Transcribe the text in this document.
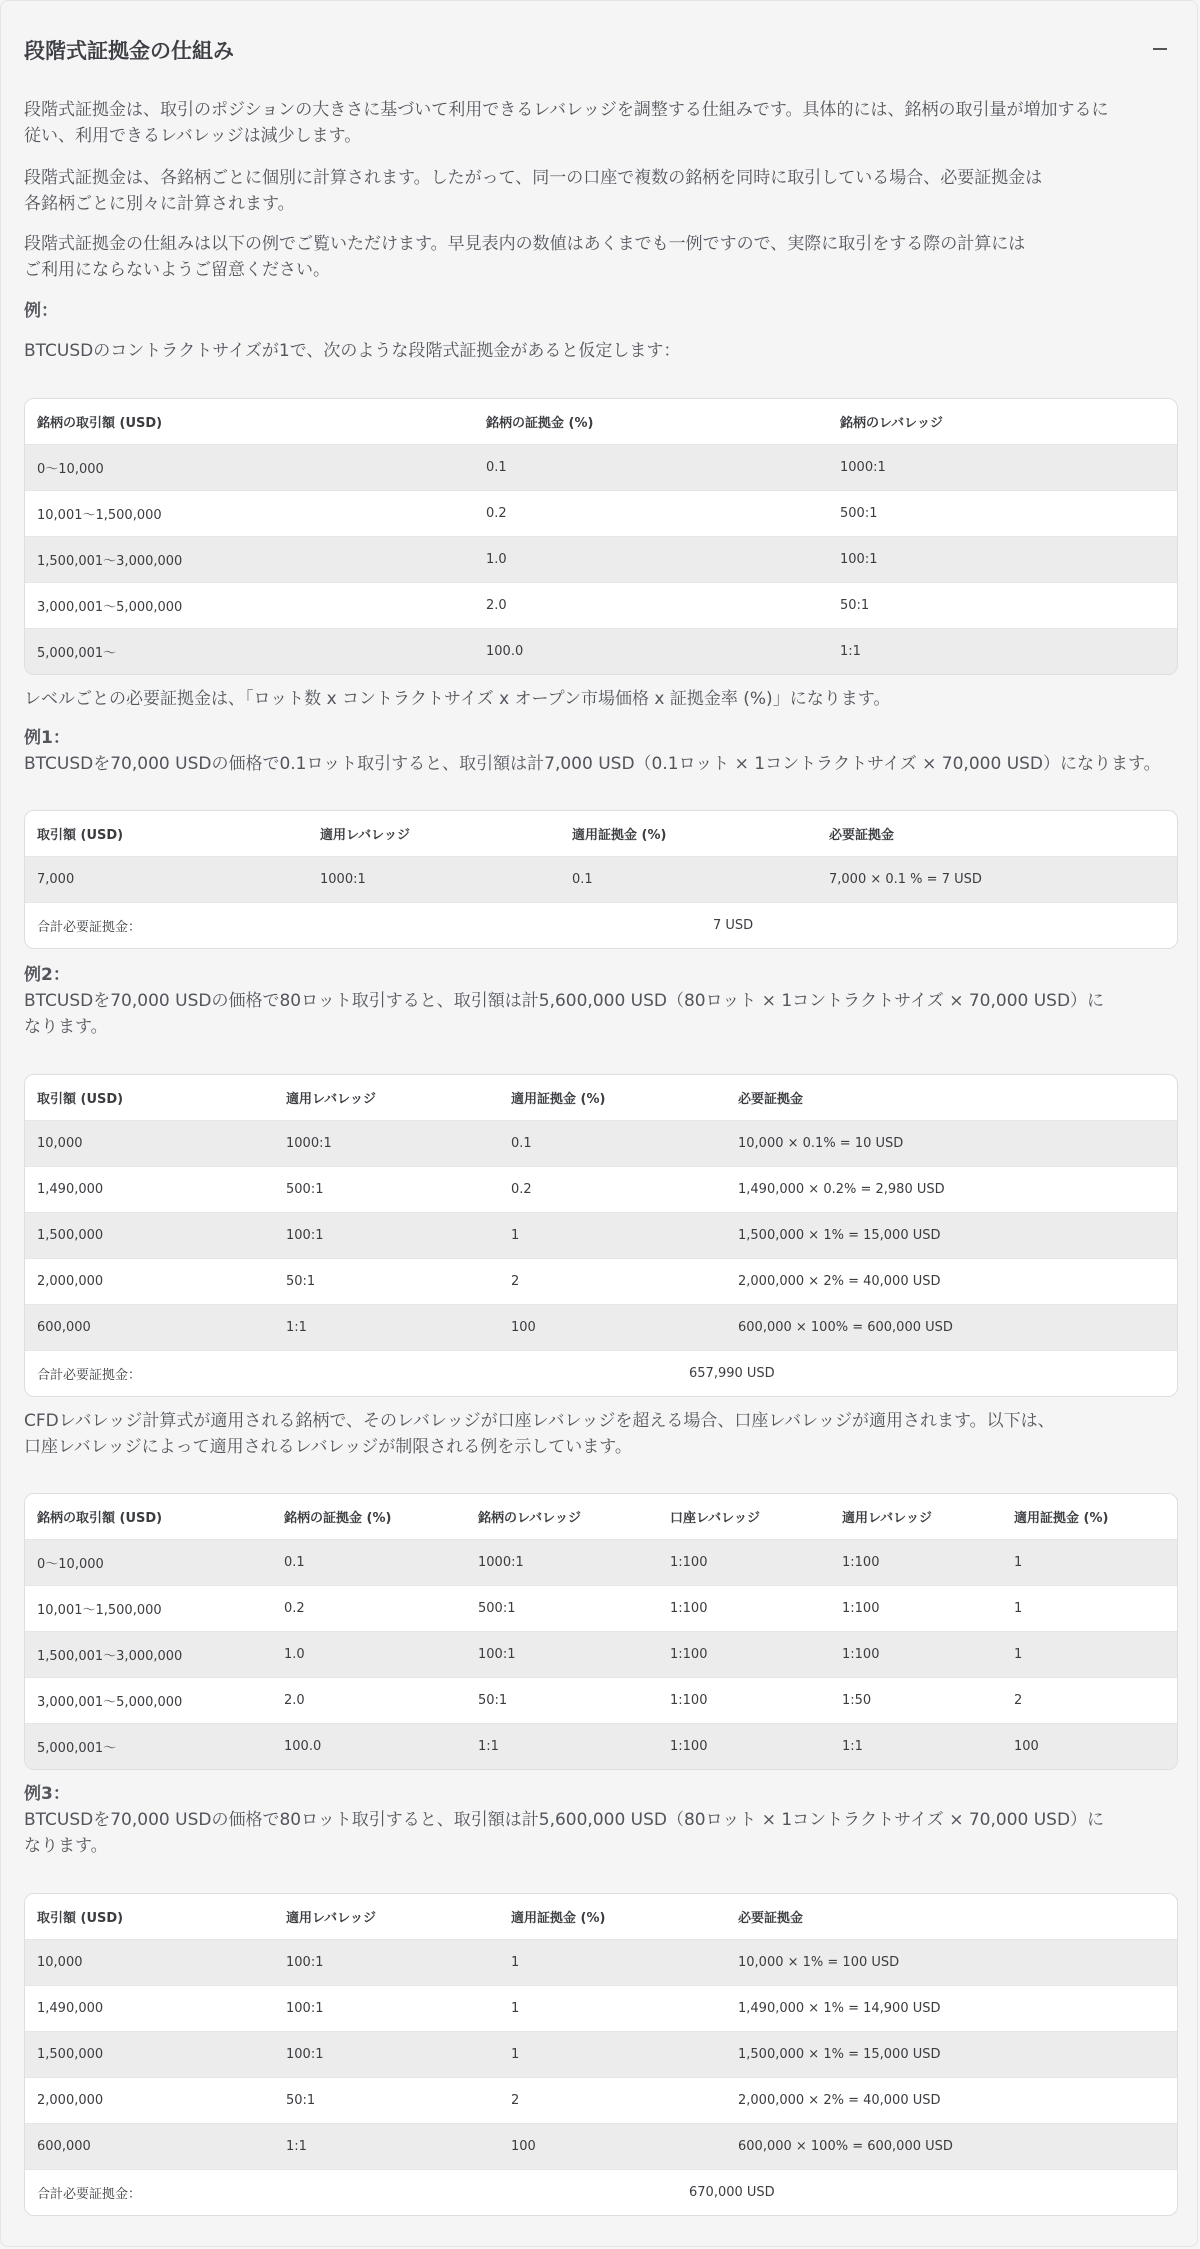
段階式証拠金の仕組み
段階式証拠金は、取引のポジションの大きさに基づいて利用できるレバレッジを調整する仕組みです。具体的には、銘柄の取引量が増加するに
従い、利用できるレバレッジは減少します。
段階式証拠金は、各銘柄ごとに個別に計算されます。したがって、同一の口座で複数の銘柄を同時に取引している場合、必要証拠金は
各銘柄ごとに別々に計算されます。
段階式証拠金の仕組みは以下の例でご覧いただけます。早見表内の数値はあくまでも一例ですので、実際に取引をする際の計算には
ご利用にならないようご留意ください。
例：
BTCUSDのコントラクトサイズが1で、次のような段階式証拠金があると仮定します：
銘柄の取引額 (USD)	銘柄の証拠金 (%)	銘柄のレバレッジ
0〜10,000	0.1	1000:1
10,001〜1,500,000	0.2	500:1
1,500,001〜3,000,000	1.0	100:1
3,000,001〜5,000,000	2.0	50:1
5,000,001〜	100.0	1:1
レベルごとの必要証拠金は、「ロット数 x コントラクトサイズ x オープン市場価格 x 証拠金率 (%)」になります。
例1：
BTCUSDを70,000 USDの価格で0.1ロット取引すると、取引額は計7,000 USD（0.1ロット × 1コントラクトサイズ × 70,000 USD）になります。
取引額 (USD)	適用レバレッジ	適用証拠金 (%)	必要証拠金
7,000	1000:1	0.1	7,000 × 0.1 % = 7 USD
合計必要証拠金：		7 USD	
例2：
BTCUSDを70,000 USDの価格で80ロット取引すると、取引額は計5,600,000 USD（80ロット × 1コントラクトサイズ × 70,000 USD）に
なります。
取引額 (USD)	適用レバレッジ	適用証拠金 (%)	必要証拠金
10,000	1000:1	0.1	10,000 × 0.1% = 10 USD
1,490,000	500:1	0.2	1,490,000 × 0.2% = 2,980 USD
1,500,000	100:1	1	1,500,000 × 1% = 15,000 USD
2,000,000	50:1	2	2,000,000 × 2% = 40,000 USD
600,000	1:1	100	600,000 × 100% = 600,000 USD
合計必要証拠金：		657,990 USD	
CFDレバレッジ計算式が適用される銘柄で、そのレバレッジが口座レバレッジを超える場合、口座レバレッジが適用されます。以下は、
口座レバレッジによって適用されるレバレッジが制限される例を示しています。
銘柄の取引額 (USD)	銘柄の証拠金 (%)	銘柄のレバレッジ	口座レバレッジ	適用レバレッジ	適用証拠金 (%)
0〜10,000	0.1	1000:1	1:100	1:100	1
10,001〜1,500,000	0.2	500:1	1:100	1:100	1
1,500,001〜3,000,000	1.0	100:1	1:100	1:100	1
3,000,001〜5,000,000	2.0	50:1	1:100	1:50	2
5,000,001〜	100.0	1:1	1:100	1:1	100
例3：
BTCUSDを70,000 USDの価格で80ロット取引すると、取引額は計5,600,000 USD（80ロット × 1コントラクトサイズ × 70,000 USD）に
なります。
取引額 (USD)	適用レバレッジ	適用証拠金 (%)	必要証拠金
10,000	100:1	1	10,000 × 1% = 100 USD
1,490,000	100:1	1	1,490,000 × 1% = 14,900 USD
1,500,000	100:1	1	1,500,000 × 1% = 15,000 USD
2,000,000	50:1	2	2,000,000 × 2% = 40,000 USD
600,000	1:1	100	600,000 × 100% = 600,000 USD
合計必要証拠金：		670,000 USD	
